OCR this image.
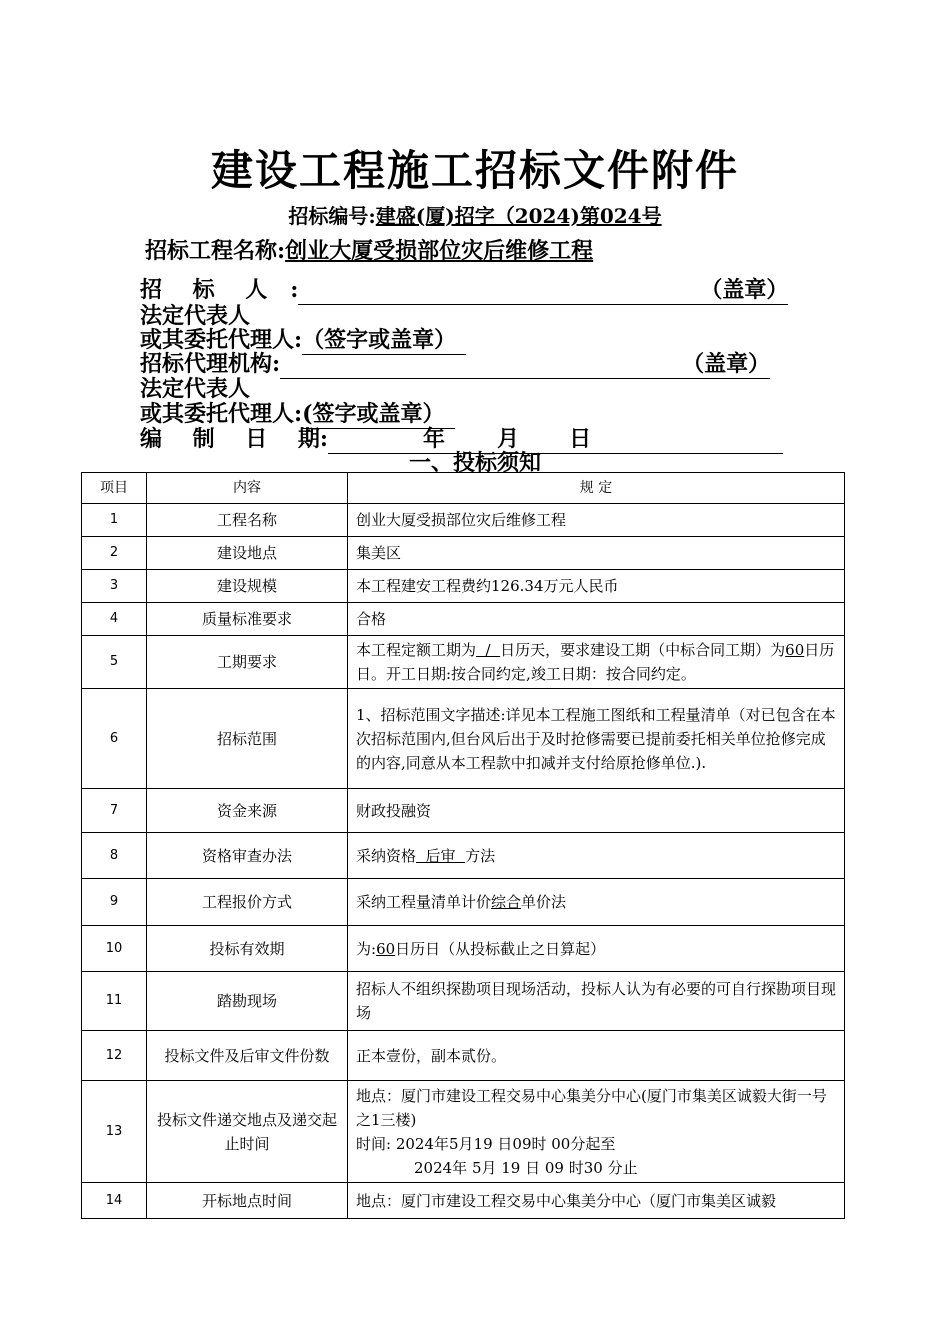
建设工程施工招标文件附件
招标编号:建盛(厦)招字（2024)第024号
招标工程名称:创业大厦受损部位灾后维修工程
招    标    人   :	（盖章）
法定代表人
或其委托代理人:（签字或盖章）
招标代理机构:	（盖章）
法定代表人
或其委托代理人:(签字或盖章）
编    制    日    期:	年 月 日
一、投标须知
项目	内容	规 定
1	工程名称	创业大厦受损部位灾后维修工程
2	建设地点	集美区
3	建设规模	本工程建安工程费约126.34万元人民币
4	质量标准要求	合格
5	工期要求	本工程定额工期为  /  日历天，要求建设工期（中标合同工期）为60日历日。开工日期:按合同约定,竣工日期：按合同约定。
6	招标范围	1、招标范围文字描述:详见本工程施工图纸和工程量清单（对已包含在本次招标范围内,但台风后出于及时抢修需要已提前委托相关单位抢修完成的内容,同意从本工程款中扣减并支付给原抢修单位.).
7	资金来源	财政投融资
8	资格审查办法	采纳资格  后审  方法
9	工程报价方式	采纳工程量清单计价综合单价法
10	投标有效期	为:60日历日（从投标截止之日算起）
11	踏勘现场	招标人不组织探勘项目现场活动，投标人认为有必要的可自行探勘项目现场
12	投标文件及后审文件份数	正本壹份，副本贰份。
13	投标文件递交地点及递交起止时间	地点：厦门市建设工程交易中心集美分中心(厦门市集美区诚毅大街一号之1三楼)
时间: 2024年5月19 日09时 00分起至
2024年 5月 19 日 09 时30 分止

14	开标地点时间	地点：厦门市建设工程交易中心集美分中心（厦门市集美区诚毅
